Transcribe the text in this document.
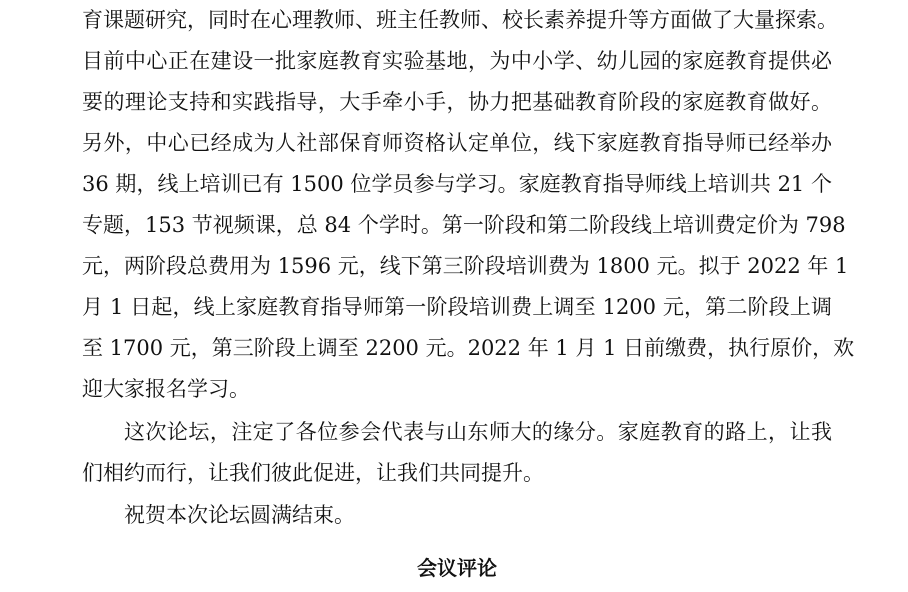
育课题研究，同时在心理教师、班主任教师、校长素养提升等方面做了大量探索。
目前中心正在建设一批家庭教育实验基地，为中小学、幼儿园的家庭教育提供必
要的理论支持和实践指导，大手牵小手，协力把基础教育阶段的家庭教育做好。
另外，中心已经成为人社部保育师资格认定单位，线下家庭教育指导师已经举办
36 期，线上培训已有 1500 位学员参与学习。家庭教育指导师线上培训共 21 个
专题，153 节视频课，总 84 个学时。第一阶段和第二阶段线上培训费定价为 798
元，两阶段总费用为 1596 元，线下第三阶段培训费为 1800 元。拟于 2022 年 1
月 1 日起，线上家庭教育指导师第一阶段培训费上调至 1200 元，第二阶段上调
至 1700 元，第三阶段上调至 2200 元。2022 年 1 月 1 日前缴费，执行原价，欢
迎大家报名学习。
这次论坛，注定了各位参会代表与山东师大的缘分。家庭教育的路上，让我
们相约而行，让我们彼此促进，让我们共同提升。
祝贺本次论坛圆满结束。
会议评论
